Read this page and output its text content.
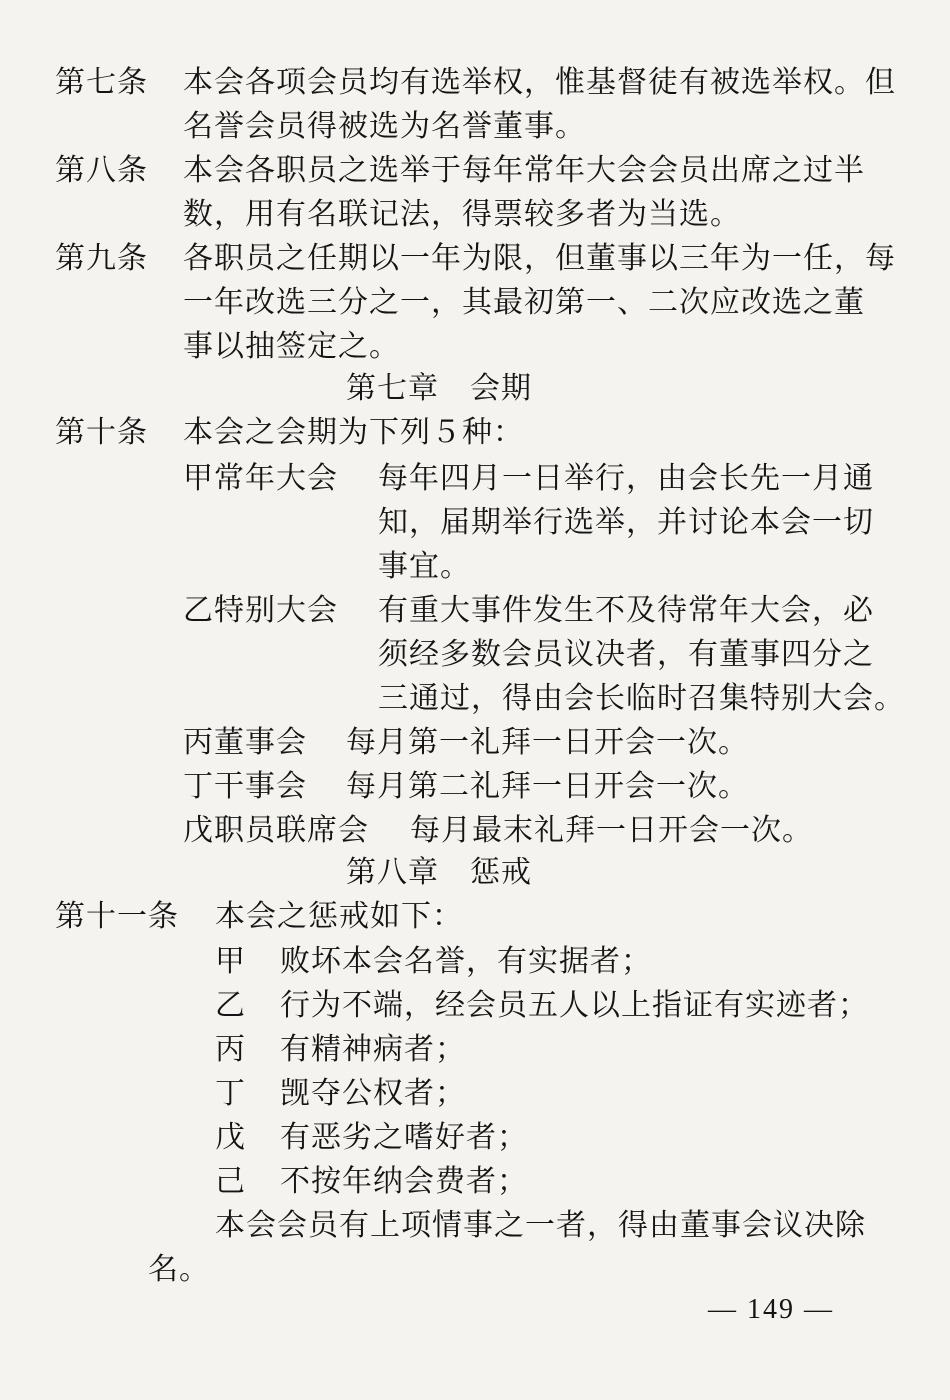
第七条 本会各项会员均有选举权，惟基督徒有被选举权。但
名誉会员得被选为名誉董事。
第八条 本会各职员之选举于每年常年大会会员出席之过半
数，用有名联记法，得票较多者为当选。
第九条 各职员之任期以一年为限，但董事以三年为一任，每
一年改选三分之一，其最初第一、二次应改选之董
事以抽签定之。
第七章　会期
第十条 本会之会期为下列５种：
甲常年大会 每年四月一日举行，由会长先一月通
知，届期举行选举，并讨论本会一切
事宜。
乙特别大会 有重大事件发生不及待常年大会，必
须经多数会员议决者，有董事四分之
三通过，得由会长临时召集特别大会。
丙董事会 每月第一礼拜一日开会一次。
丁干事会 每月第二礼拜一日开会一次。
戊职员联席会 每月最末礼拜一日开会一次。
第八章　惩戒
第十一条 本会之惩戒如下：
甲 败坏本会名誉，有实据者；
乙 行为不端，经会员五人以上指证有实迹者；
丙 有精神病者；
丁 觊夺公权者；
戊 有恶劣之嗜好者；
己 不按年纳会费者；
本会会员有上项情事之一者，得由董事会议决除
名。
— 149 —
